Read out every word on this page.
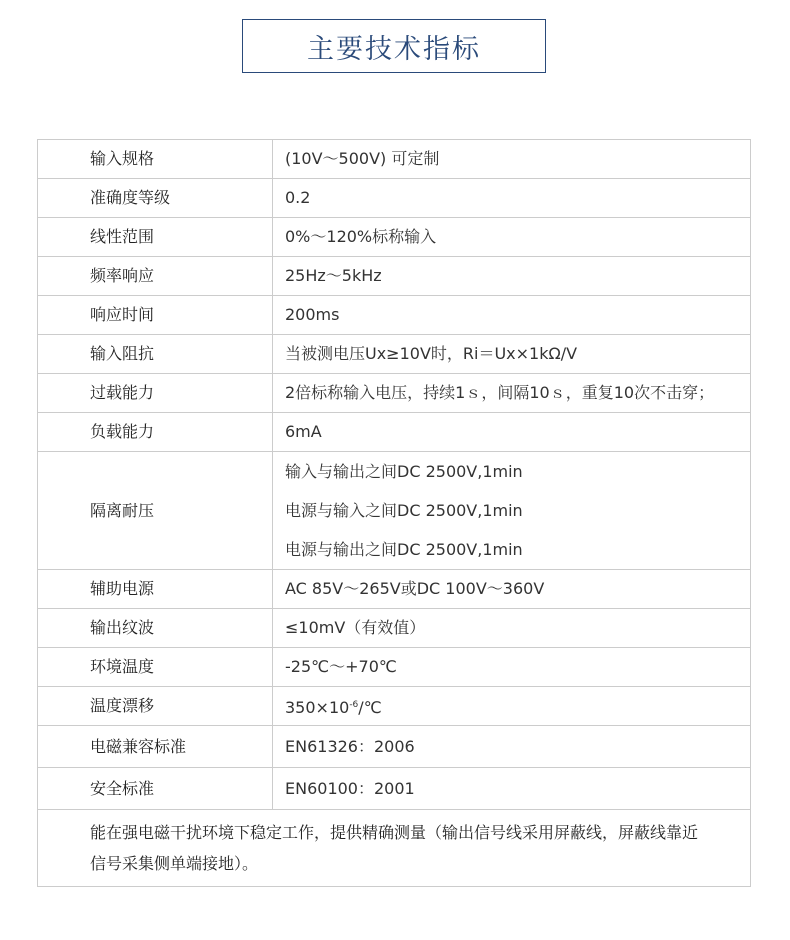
主要技术指标
输入规格	(10V～500V) 可定制
准确度等级	0.2
线性范围	0%～120%标称输入
频率响应	25Hz～5kHz
响应时间	200ms
输入阻抗	当被测电压Ux≥10V时，Ri＝Ux×1kΩ/V
过载能力	2倍标称输入电压，持续1ｓ，间隔10ｓ，重复10次不击穿；
负载能力	6mA
隔离耐压	输入与输出之间DC 2500V,1min
电源与输入之间DC 2500V,1min
电源与输出之间DC 2500V,1min

辅助电源	AC 85V～265V或DC 100V～360V
输出纹波	≤10mV（有效值）
环境温度	-25℃～+70℃
温度漂移	$350\times 10^{-6}/℃$
电磁兼容标准	EN61326：2006
安全标准	EN60100：2001
能在强电磁干扰环境下稳定工作，提供精确测量（输出信号线采用屏蔽线，屏蔽线靠近信号采集侧单端接地）。	
